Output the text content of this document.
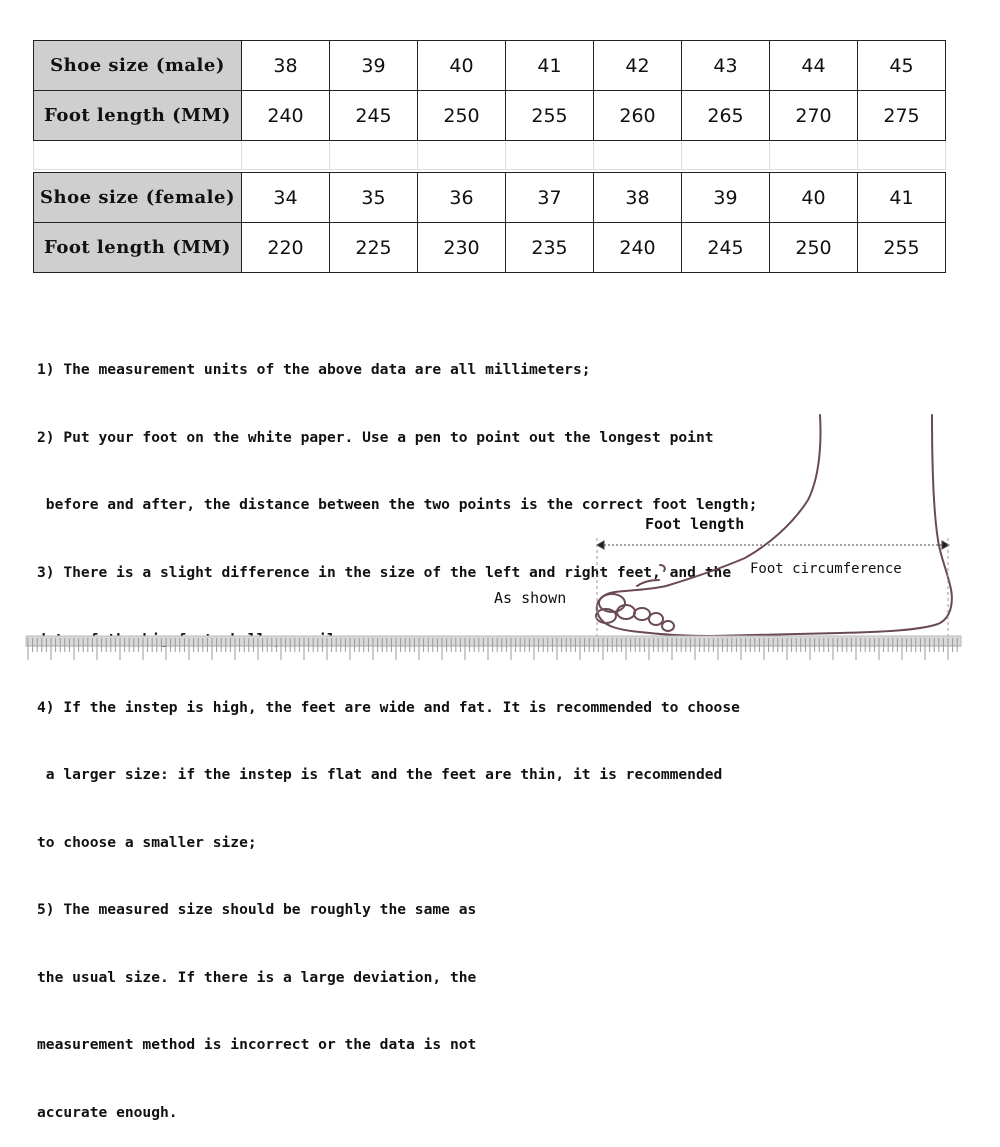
Shoe size (male)	38	39	40	41	42	43	44	45
Foot length (MM)	240	245	250	255	260	265	270	275

Shoe size (female)	34	35	36	37	38	39	40	41
Foot length (MM)	220	225	230	235	240	245	250	255

1) The measurement units of the above data are all millimeters;

2) Put your foot on the white paper. Use a pen to point out the longest point

before and after, the distance between the two points is the correct foot length;

3) There is a slight difference in the size of the left and right feet, and the

4) If the instep is high, the feet are wide and fat. It is recommended to choose

a larger size: if the instep is flat and the feet are thin, it is recommended

to choose a smaller size;

5) The measured size should be roughly the same as

the usual size. If there is a large deviation, the

measurement method is incorrect or the data is not

accurate enough.

Foot length
Foot circumference
As shown
